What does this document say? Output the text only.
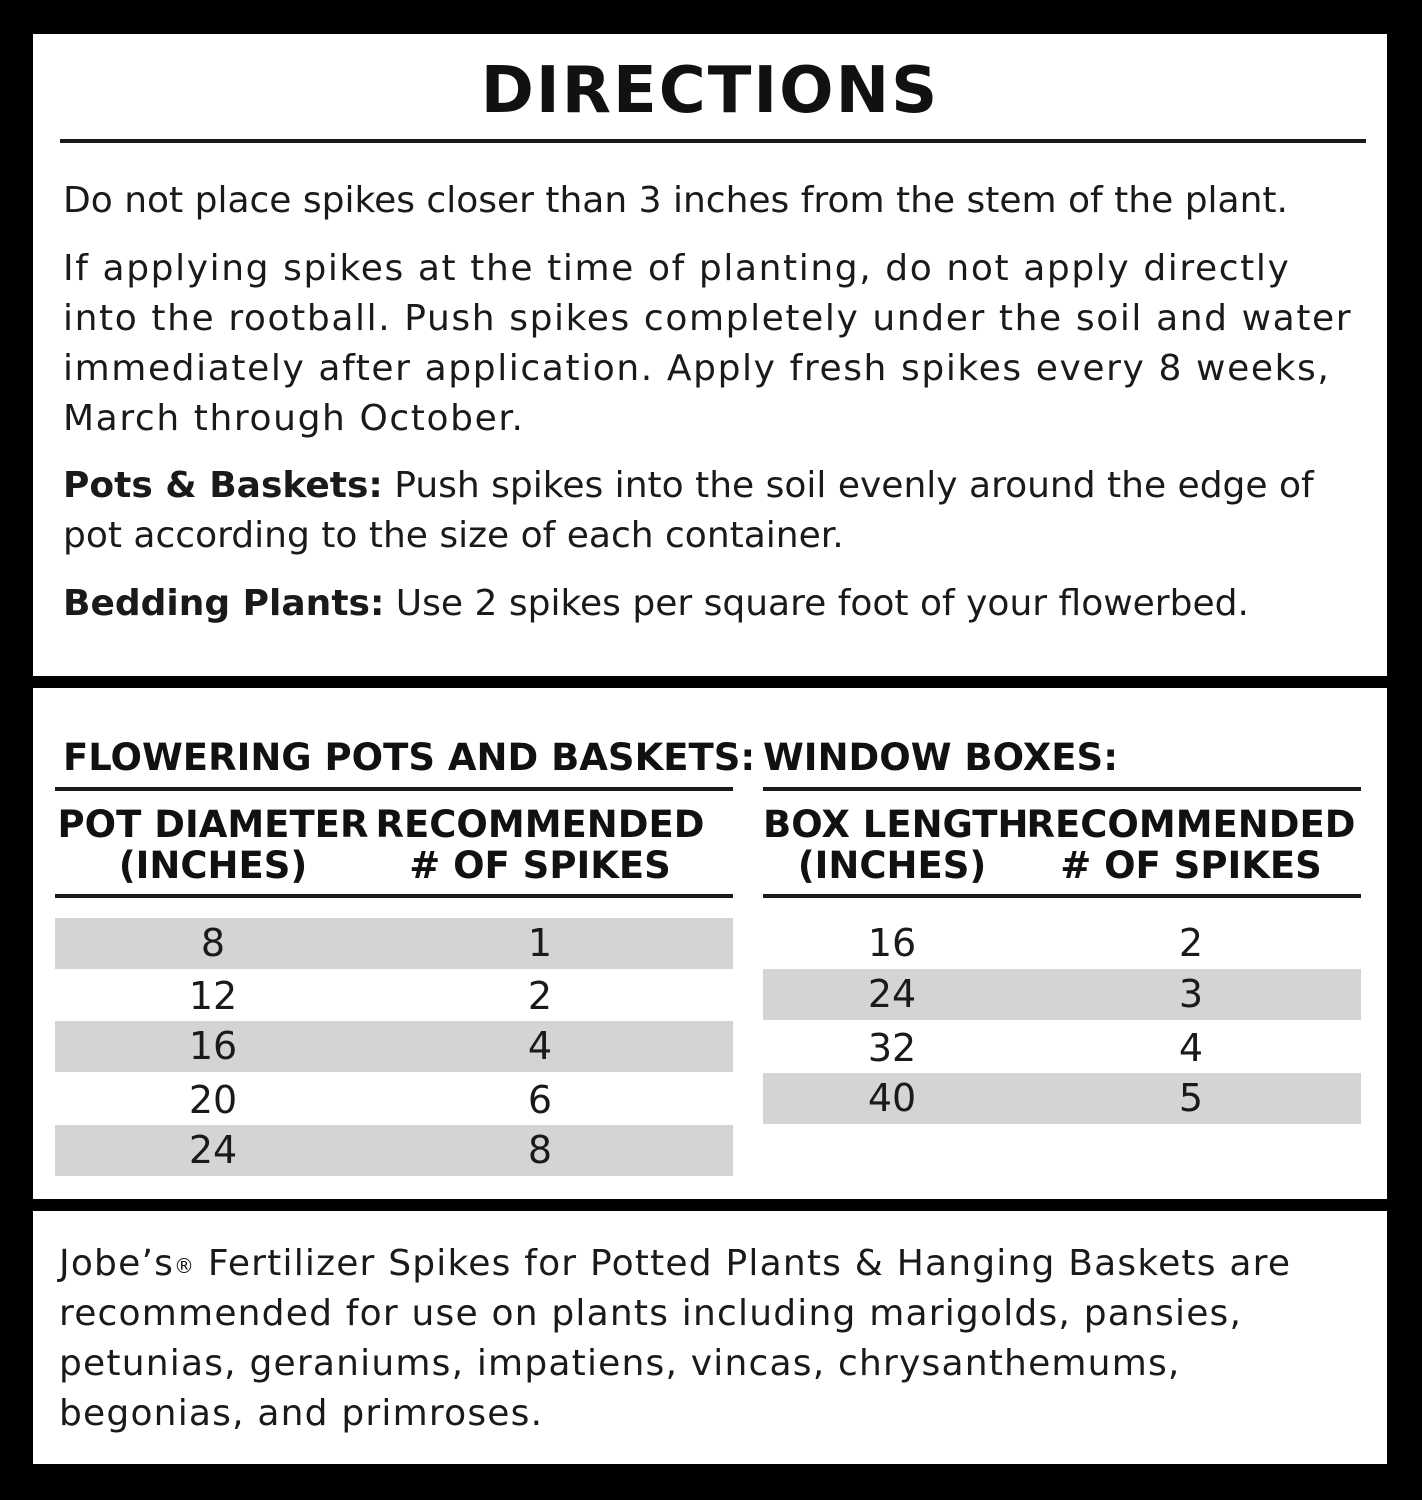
DIRECTIONS

Do not place spikes closer than 3 inches from the stem of the plant.

If applying spikes at the time of planting, do not apply directly into the rootball. Push spikes completely under the soil and water immediately after application. Apply fresh spikes every 8 weeks, March through October.

Pots & Baskets: Push spikes into the soil evenly around the edge of pot according to the size of each container.

Bedding Plants: Use 2 spikes per square foot of your flowerbed.

FLOWERING POTS AND BASKETS:
POT DIAMETER
(INCHES)
RECOMMENDED
# OF SPIKES
8	1
12	2
16	4
20	6
24	8
WINDOW BOXES:
BOX LENGTH
(INCHES)
RECOMMENDED
# OF SPIKES
16	2
24	3
32	4
40	5

Jobe’s® Fertilizer Spikes for Potted Plants & Hanging Baskets are recommended for use on plants including marigolds, pansies, petunias, geraniums, impatiens, vincas, chrysanthemums, begonias, and primroses.
